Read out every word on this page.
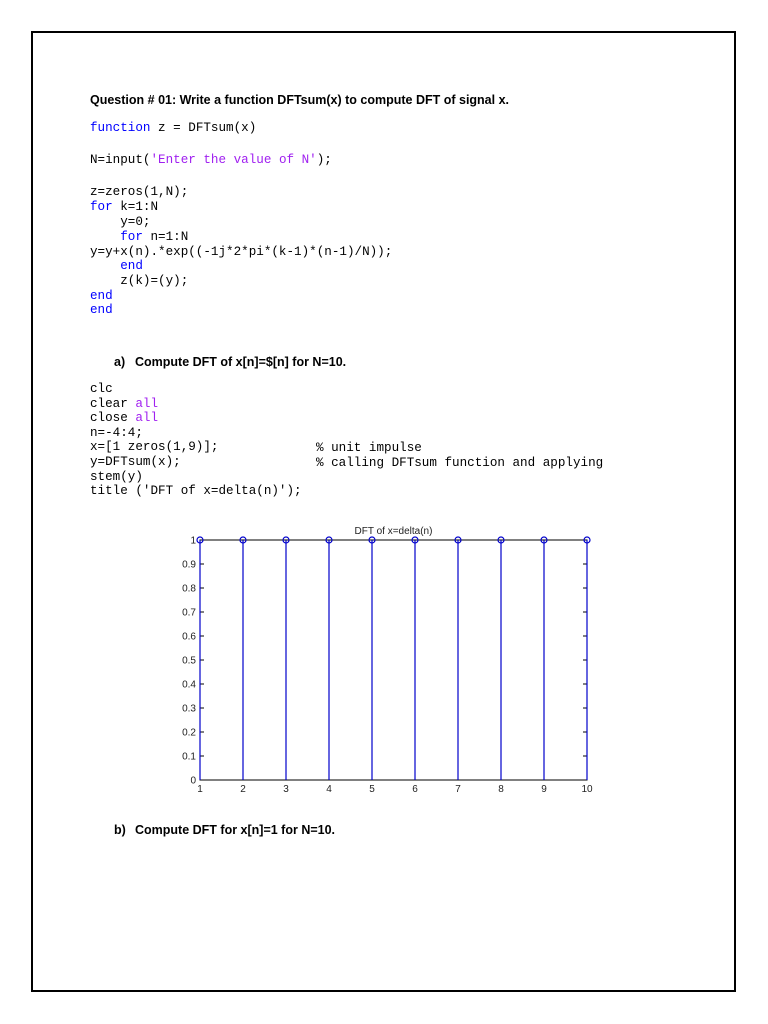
Question # 01: Write a function DFTsum(x) to compute DFT of signal x.
function z = DFTsum(x)
N=input('Enter the value of N');
z=zeros(1,N);
for k=1:N
y=0;
for n=1:N
y=y+x(n).*exp((-1j*2*pi*(k-1)*(n-1)/N));
end
z(k)=(y);
end
end
a) Compute DFT of x[n]=$[n] for N=10.
clc
clear all
close all
n=-4:4;
x=[1 zeros(1,9)];
y=DFTsum(x);
stem(y)
title ('DFT of x=delta(n)');
% unit impulse
% calling DFTsum function and applying
0
0.1
0.2
0.3
0.4
0.5
0.6
0.7
0.8
0.9
1
1	2	3	4	5	6	7	8	9	10
DFT of x=delta(n)
b) Compute DFT for x[n]=1 for N=10.
